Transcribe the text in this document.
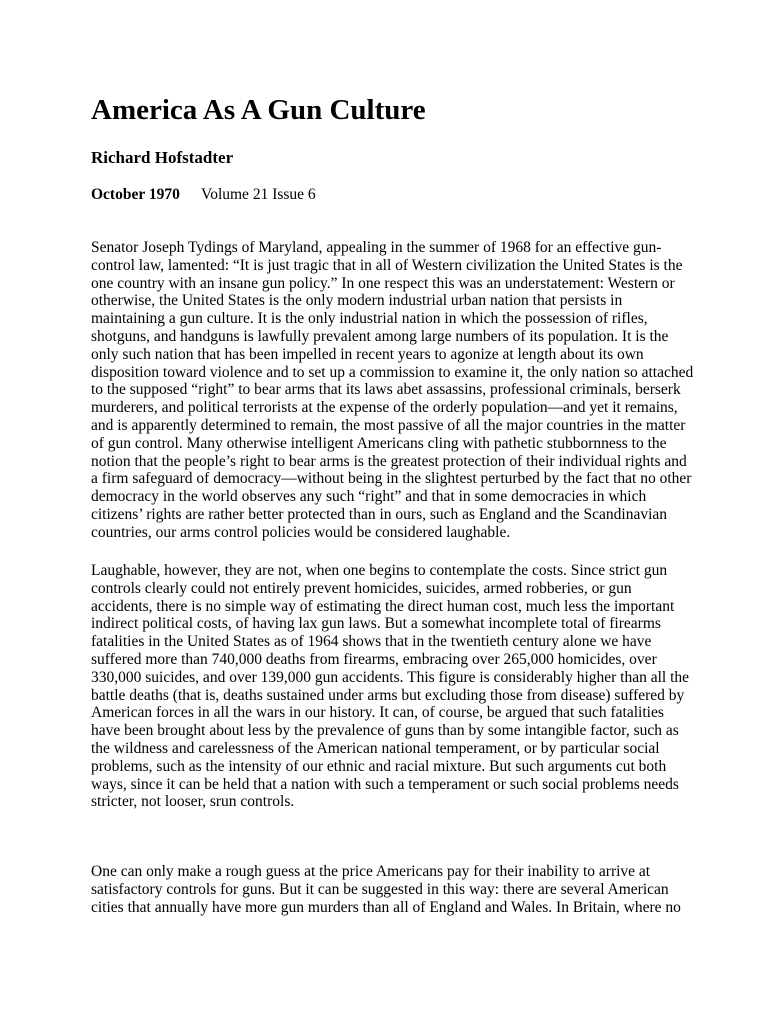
America As A Gun Culture
Richard Hofstadter
October 1970 Volume 21 Issue 6
Senator Joseph Tydings of Maryland, appealing in the summer of 1968 for an effective gun-
control law, lamented: “It is just tragic that in all of Western civilization the United States is the
one country with an insane gun policy.” In one respect this was an understatement: Western or
otherwise, the United States is the only modern industrial urban nation that persists in
maintaining a gun culture. It is the only industrial nation in which the possession of rifles,
shotguns, and handguns is lawfully prevalent among large numbers of its population. It is the
only such nation that has been impelled in recent years to agonize at length about its own
disposition toward violence and to set up a commission to examine it, the only nation so attached
to the supposed “right” to bear arms that its laws abet assassins, professional criminals, berserk
murderers, and political terrorists at the expense of the orderly population—and yet it remains,
and is apparently determined to remain, the most passive of all the major countries in the matter
of gun control. Many otherwise intelligent Americans cling with pathetic stubbornness to the
notion that the people’s right to bear arms is the greatest protection of their individual rights and
a firm safeguard of democracy—without being in the slightest perturbed by the fact that no other
democracy in the world observes any such “right” and that in some democracies in which
citizens’ rights are rather better protected than in ours, such as England and the Scandinavian
countries, our arms control policies would be considered laughable.
Laughable, however, they are not, when one begins to contemplate the costs. Since strict gun
controls clearly could not entirely prevent homicides, suicides, armed robberies, or gun
accidents, there is no simple way of estimating the direct human cost, much less the important
indirect political costs, of having lax gun laws. But a somewhat incomplete total of firearms
fatalities in the United States as of 1964 shows that in the twentieth century alone we have
suffered more than 740,000 deaths from firearms, embracing over 265,000 homicides, over
330,000 suicides, and over 139,000 gun accidents. This figure is considerably higher than all the
battle deaths (that is, deaths sustained under arms but excluding those from disease) suffered by
American forces in all the wars in our history. It can, of course, be argued that such fatalities
have been brought about less by the prevalence of guns than by some intangible factor, such as
the wildness and carelessness of the American national temperament, or by particular social
problems, such as the intensity of our ethnic and racial mixture. But such arguments cut both
ways, since it can be held that a nation with such a temperament or such social problems needs
stricter, not looser, srun controls.
One can only make a rough guess at the price Americans pay for their inability to arrive at
satisfactory controls for guns. But it can be suggested in this way: there are several American
cities that annually have more gun murders than all of England and Wales. In Britain, where no
